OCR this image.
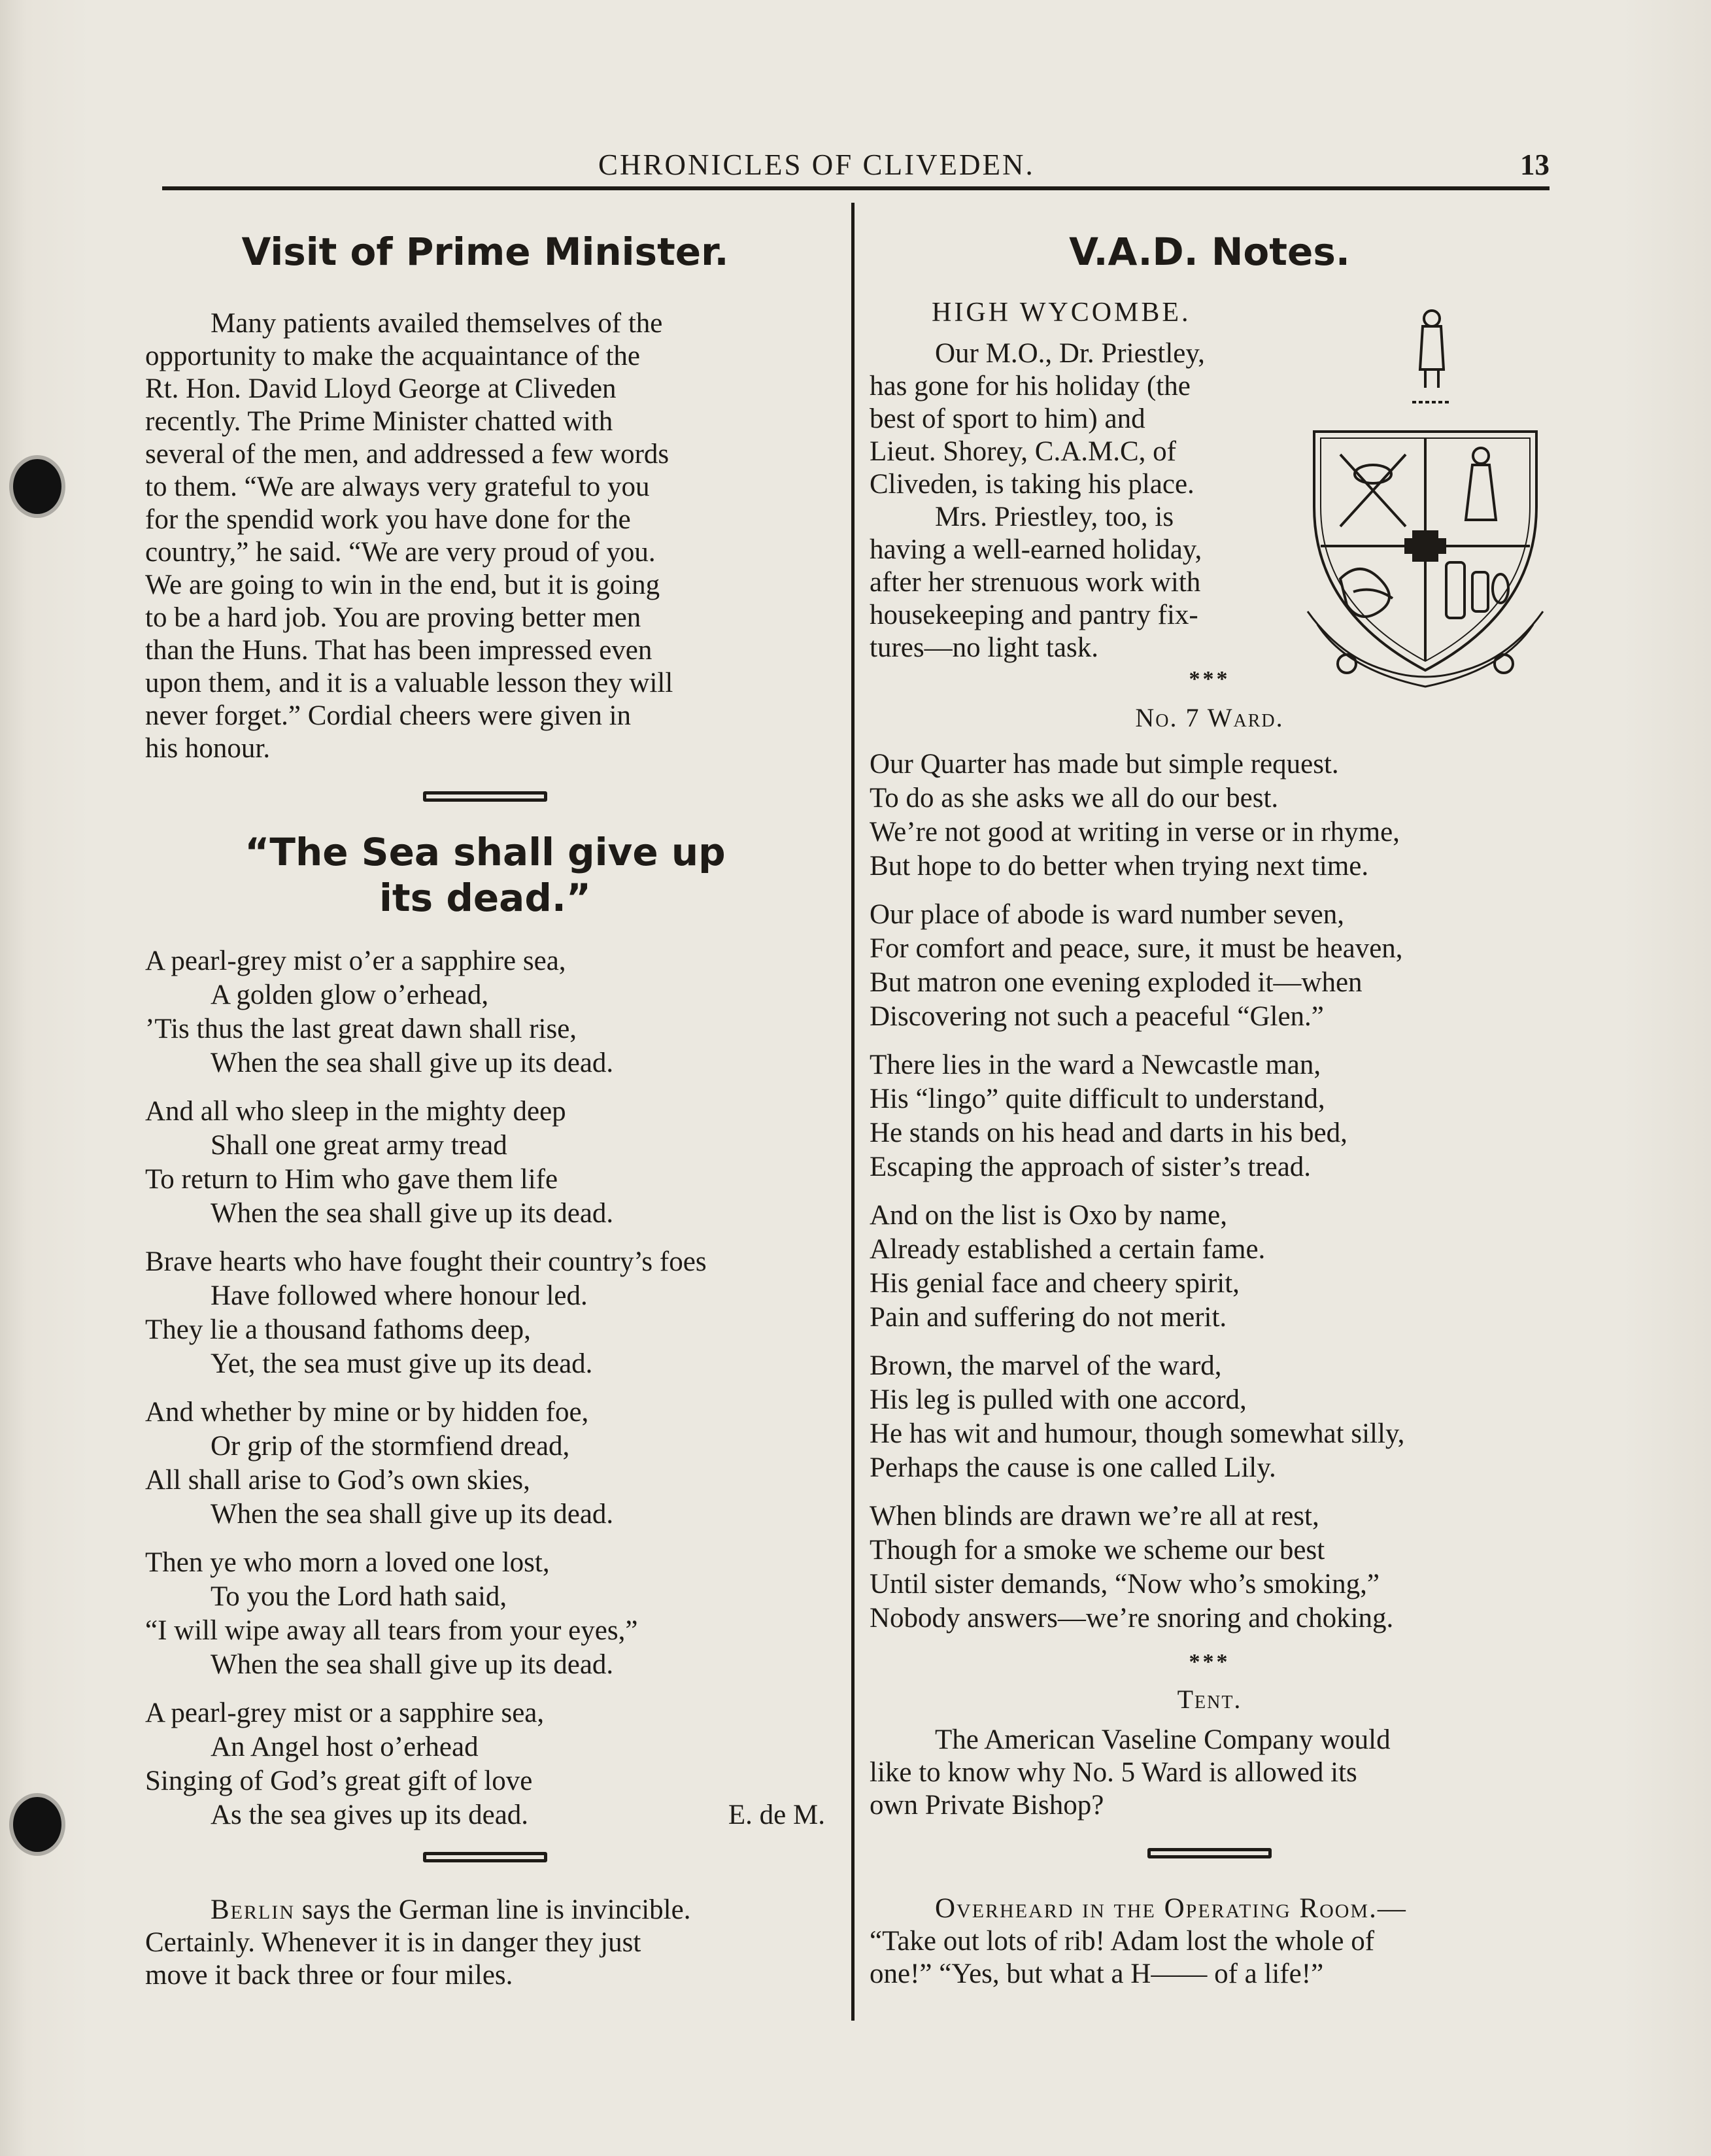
CHRONICLES OF CLIVEDEN.	13
Visit of Prime Minister.
Many patients availed themselves of the
opportunity to make the acquaintance of the
Rt. Hon. David Lloyd George at Cliveden
recently. The Prime Minister chatted with
several of the men, and addressed a few words
to them. “We are always very grateful to you
for the spendid work you have done for the
country,” he said. “We are very proud of you.
We are going to win in the end, but it is going
to be a hard job. You are proving better men
than the Huns. That has been impressed even
upon them, and it is a valuable lesson they will
never forget.” Cordial cheers were given in
his honour.
“The Sea shall give up
its dead.”
A pearl-grey mist o’er a sapphire sea,
A golden glow o’erhead,
’Tis thus the last great dawn shall rise,
When the sea shall give up its dead.
And all who sleep in the mighty deep
Shall one great army tread
To return to Him who gave them life
When the sea shall give up its dead.
Brave hearts who have fought their country’s foes
Have followed where honour led.
They lie a thousand fathoms deep,
Yet, the sea must give up its dead.
And whether by mine or by hidden foe,
Or grip of the stormfiend dread,
All shall arise to God’s own skies,
When the sea shall give up its dead.
Then ye who morn a loved one lost,
To you the Lord hath said,
“I will wipe away all tears from your eyes,”
When the sea shall give up its dead.
A pearl-grey mist or a sapphire sea,
An Angel host o’erhead
Singing of God’s great gift of love
As the sea gives up its dead.	E. de M.
Berlin says the German line is invincible.
Certainly. Whenever it is in danger they just
move it back three or four miles.
V.A.D. Notes.
HIGH WYCOMBE.
Our M.O., Dr. Priestley,
has gone for his holiday (the
best of sport to him) and
Lieut. Shorey, C.A.M.C, of
Cliveden, is taking his place.
Mrs. Priestley, too, is
having a well-earned holiday,
after her strenuous work with
housekeeping and pantry fix-
tures—no light task.

***

No. 7 Ward.

Our Quarter has made but simple request.
To do as she asks we all do our best.
We’re not good at writing in verse or in rhyme,
But hope to do better when trying next time.
Our place of abode is ward number seven,
For comfort and peace, sure, it must be heaven,
But matron one evening exploded it—when
Discovering not such a peaceful “Glen.”
There lies in the ward a Newcastle man,
His “lingo” quite difficult to understand,
He stands on his head and darts in his bed,
Escaping the approach of sister’s tread.
And on the list is Oxo by name,
Already established a certain fame.
His genial face and cheery spirit,
Pain and suffering do not merit.
Brown, the marvel of the ward,
His leg is pulled with one accord,
He has wit and humour, though somewhat silly,
Perhaps the cause is one called Lily.
When blinds are drawn we’re all at rest,
Though for a smoke we scheme our best
Until sister demands, “Now who’s smoking,”
Nobody answers—we’re snoring and choking.

***

Tent.

The American Vaseline Company would
like to know why No. 5 Ward is allowed its
own Private Bishop?
Overheard in the Operating Room.—
“Take out lots of rib! Adam lost the whole of
one!” “Yes, but what a H—— of a life!”
